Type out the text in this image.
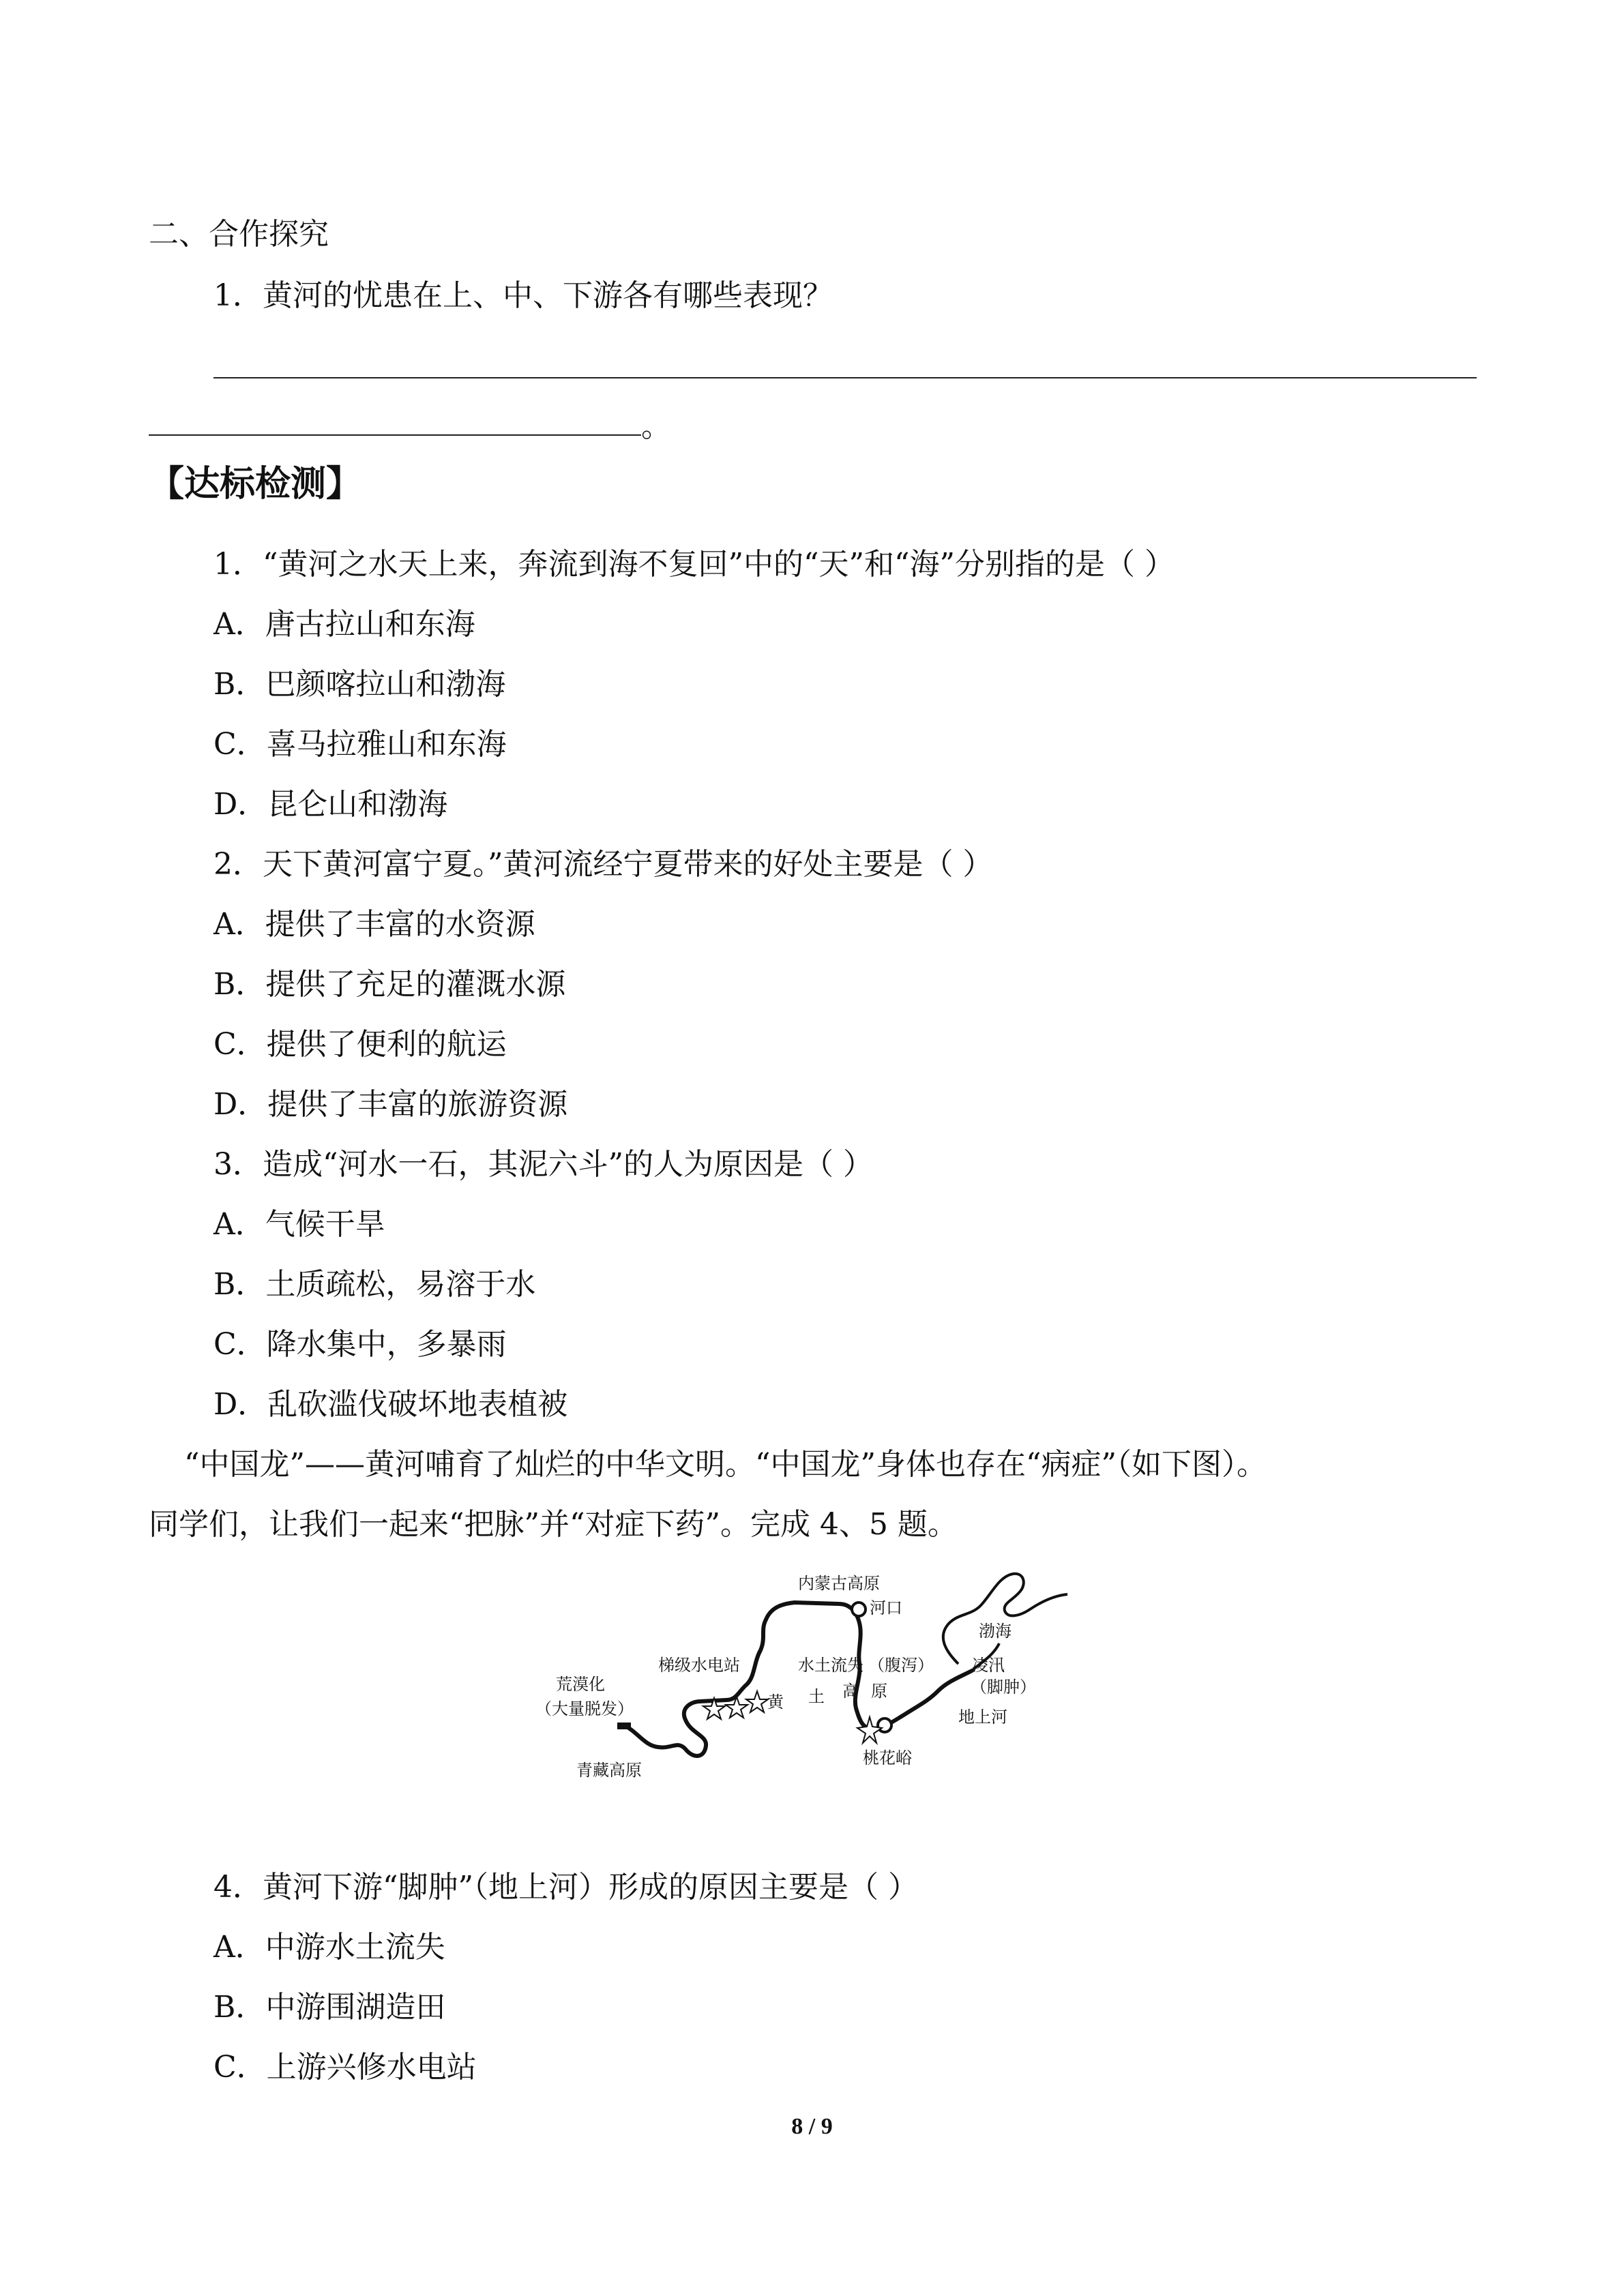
二、合作探究
1．黄河的忧患在上、中、下游各有哪些表现？
。
【达标检测】
1．“黄河之水天上来，奔流到海不复回”中的“天”和“海”分别指的是（ ）
A．唐古拉山和东海
B．巴颜喀拉山和渤海
C．喜马拉雅山和东海
D．昆仑山和渤海
2．天下黄河富宁夏。”黄河流经宁夏带来的好处主要是（ ）
A．提供了丰富的水资源
B．提供了充足的灌溉水源
C．提供了便利的航运
D．提供了丰富的旅游资源
3．造成“河水一石，其泥六斗”的人为原因是（ ）
A．气候干旱
B．土质疏松，易溶于水
C．降水集中，多暴雨
D．乱砍滥伐破坏地表植被
“中国龙”——黄河哺育了灿烂的中华文明。“中国龙”身体也存在“病症”（如下图）。
同学们，让我们一起来“把脉”并“对症下药”。完成 4、5 题。
内蒙古高原
河口
渤海
水土流失 （腹泻）
黄 土 高 原
凌汛
（脚肿）
地上河
桃花峪
梯级水电站
荒漠化
（大量脱发）
青藏高原
4．黄河下游“脚肿”（地上河）形成的原因主要是（ ）
A．中游水土流失
B．中游围湖造田
C．上游兴修水电站
8 / 9
